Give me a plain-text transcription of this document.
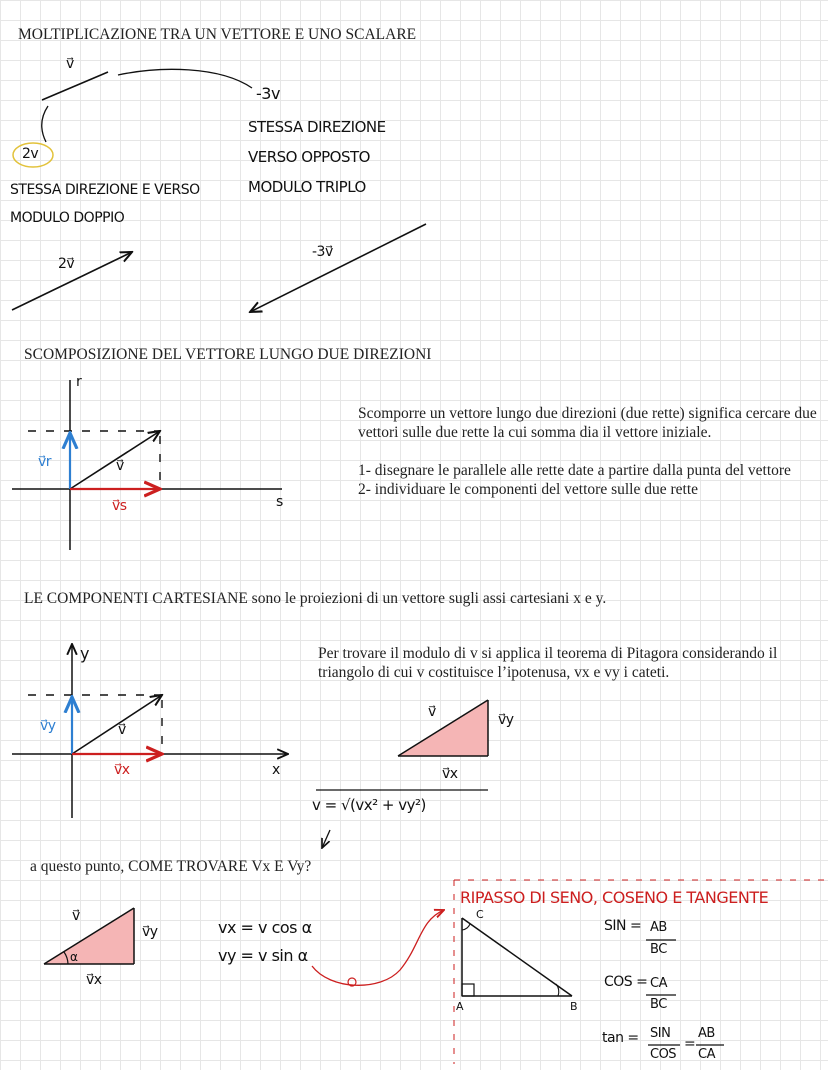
MOLTIPLICAZIONE TRA UN VETTORE E UNO SCALARE
v⃗
2v
-3v
STESSA DIREZIONE
VERSO OPPOSTO
MODULO TRIPLO
STESSA DIREZIONE E VERSO
MODULO DOPPIO
2v⃗
-3v⃗
SCOMPOSIZIONE DEL VETTORE LUNGO DUE DIREZIONI
r
s
v⃗r	v⃗
v⃗s
Scomporre un vettore lungo due direzioni (due rette) significa cercare due vettori sulle due rette la cui somma dia il vettore iniziale.
1- disegnare le parallele alle rette date a partire dalla punta del vettore
2- individuare le componenti del vettore sulle due rette
LE COMPONENTI CARTESIANE sono le proiezioni di un vettore sugli assi cartesiani x e y.
y
x
v⃗y	v⃗
v⃗x
Per trovare il modulo di v si applica il teorema di Pitagora considerando il triangolo di cui v costituisce l’ipotenusa, vx e vy i cateti.
v⃗	v⃗y
v⃗x
v = √(vx² + vy²)
a questo punto, COME TROVARE Vx E Vy?
v⃗
v⃗y
v⃗x
α
vx = v cos α
vy = v sin α
RIPASSO DI SENO, COSENO E TANGENTE
C
A	B
SIN = AB
BC
COS = CA
BC
tan = SIN
COS
=
AB
CA
